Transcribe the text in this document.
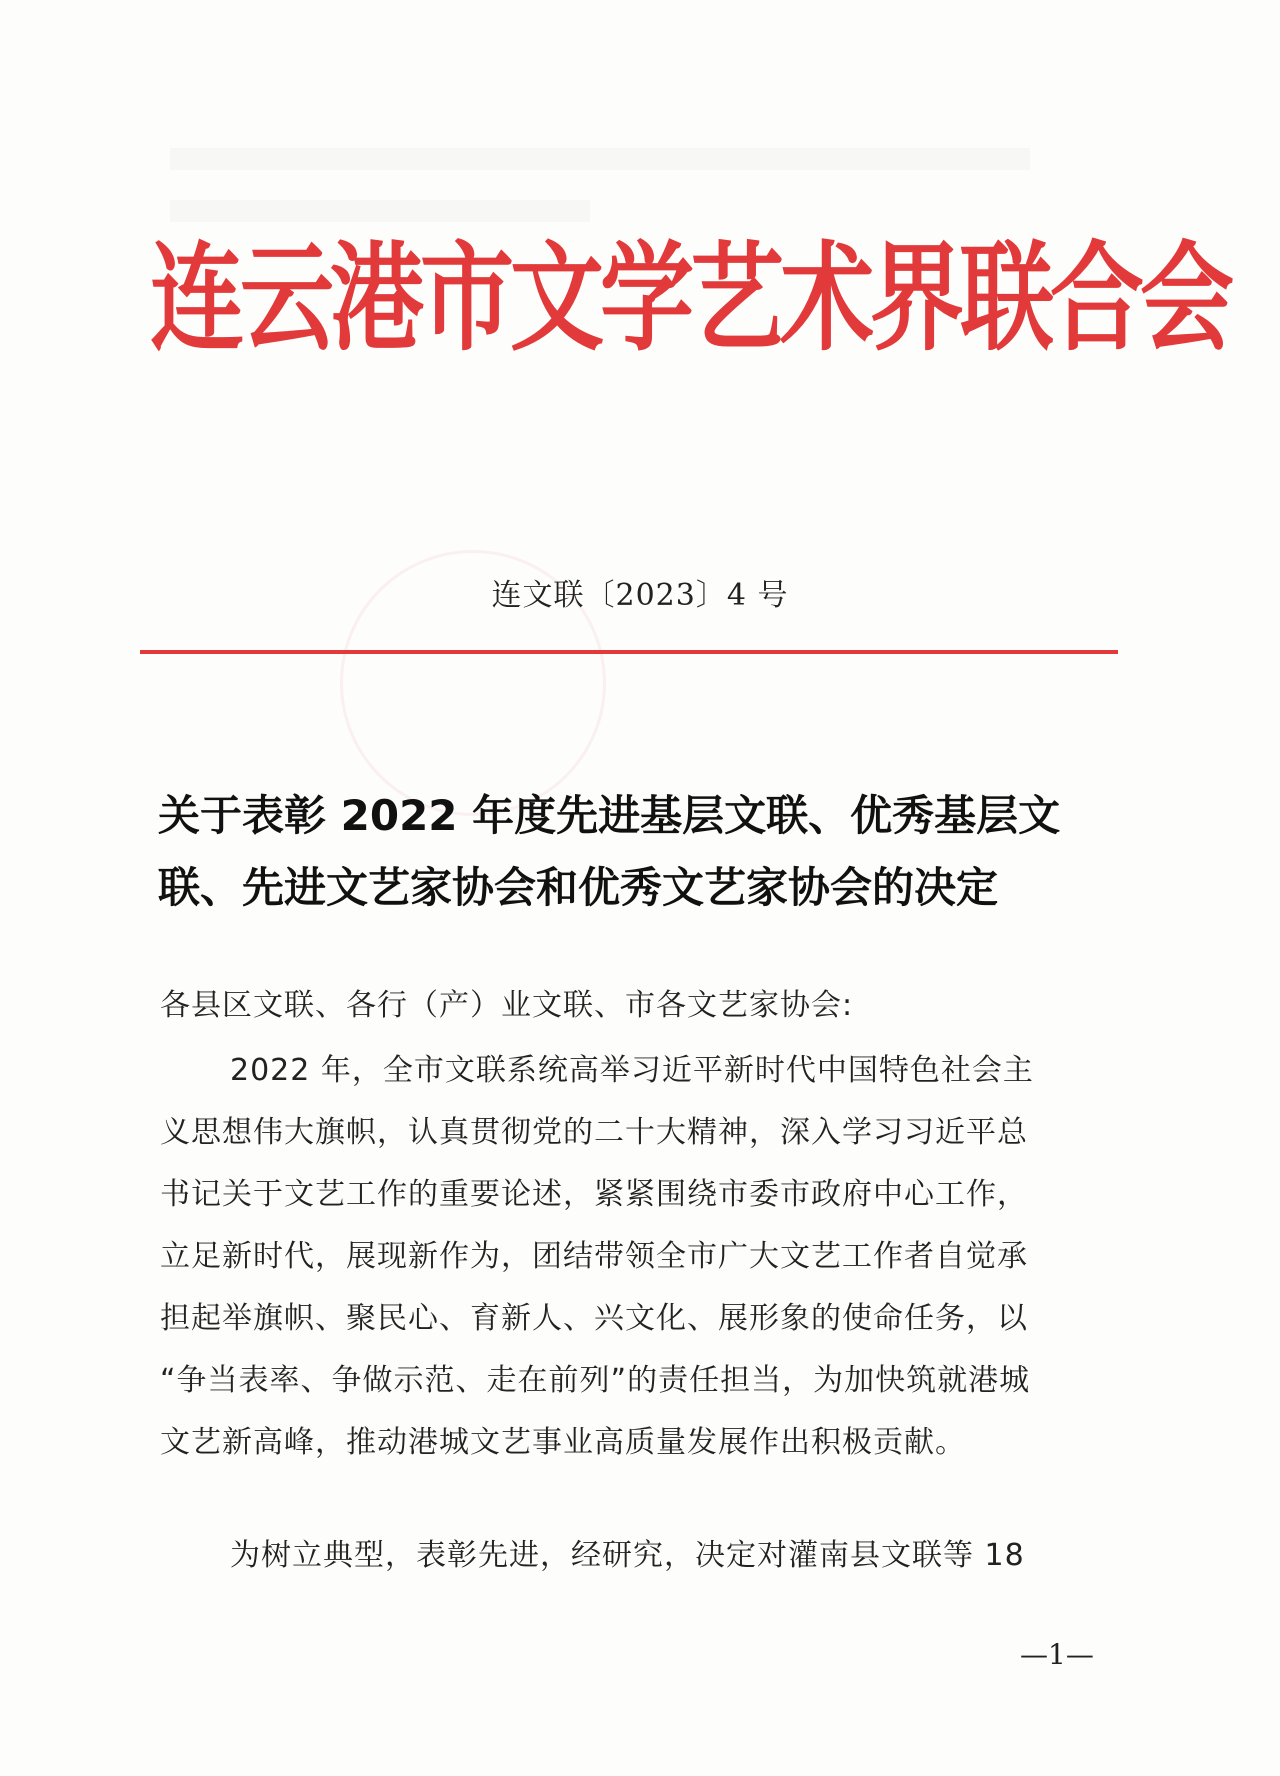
连云港市文学艺术界联合会
连文联〔2023〕4 号
关于表彰 2022 年度先进基层文联、优秀基层文
联、先进文艺家协会和优秀文艺家协会的决定
各县区文联、各行（产）业文联、市各文艺家协会:
2022 年，全市文联系统高举习近平新时代中国特色社会主
义思想伟大旗帜，认真贯彻党的二十大精神，深入学习习近平总
书记关于文艺工作的重要论述，紧紧围绕市委市政府中心工作，
立足新时代，展现新作为，团结带领全市广大文艺工作者自觉承
担起举旗帜、聚民心、育新人、兴文化、展形象的使命任务，以
“争当表率、争做示范、走在前列”的责任担当，为加快筑就港城
文艺新高峰，推动港城文艺事业高质量发展作出积极贡献。
为树立典型，表彰先进，经研究，决定对灌南县文联等 18
—1—
